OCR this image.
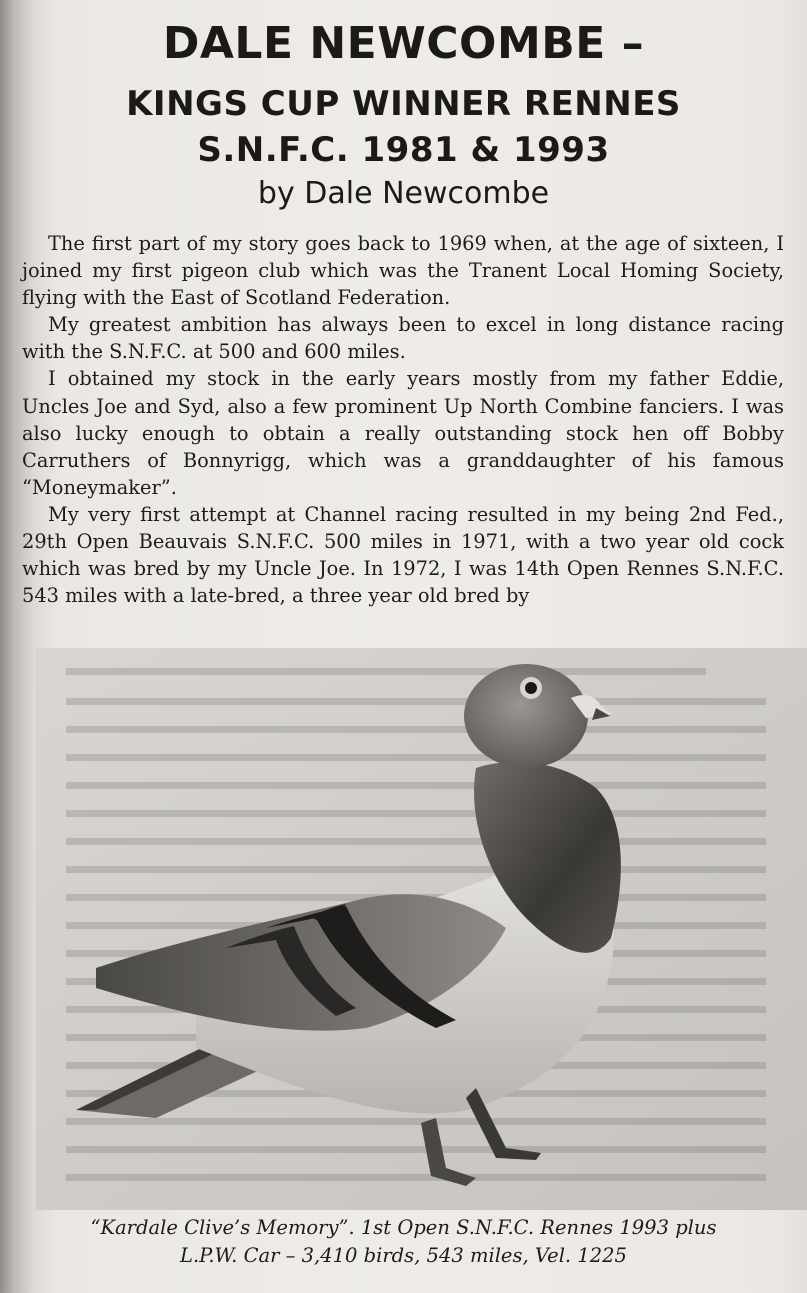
DALE NEWCOMBE –
KINGS CUP WINNER RENNES
S.N.F.C. 1981 & 1993
by Dale Newcombe

The first part of my story goes back to 1969 when, at the age of sixteen, I joined my first pigeon club which was the Tranent Local Homing Society, flying with the East of Scotland Federation.

My greatest ambition has always been to excel in long distance racing with the S.N.F.C. at 500 and 600 miles.

I obtained my stock in the early years mostly from my father Eddie, Uncles Joe and Syd, also a few prominent Up North Combine fanciers. I was also lucky enough to obtain a really outstanding stock hen off Bobby Carruthers of Bonnyrigg, which was a granddaughter of his famous “Moneymaker”.

My very first attempt at Channel racing resulted in my being 2nd Fed., 29th Open Beauvais S.N.F.C. 500 miles in 1971, with a two year old cock which was bred by my Uncle Joe. In 1972, I was 14th Open Rennes S.N.F.C. 543 miles with a late-bred, a three year old bred by

“Kardale Clive’s Memory”. 1st Open S.N.F.C. Rennes 1993 plus
L.P.W. Car – 3,410 birds, 543 miles, Vel. 1225
